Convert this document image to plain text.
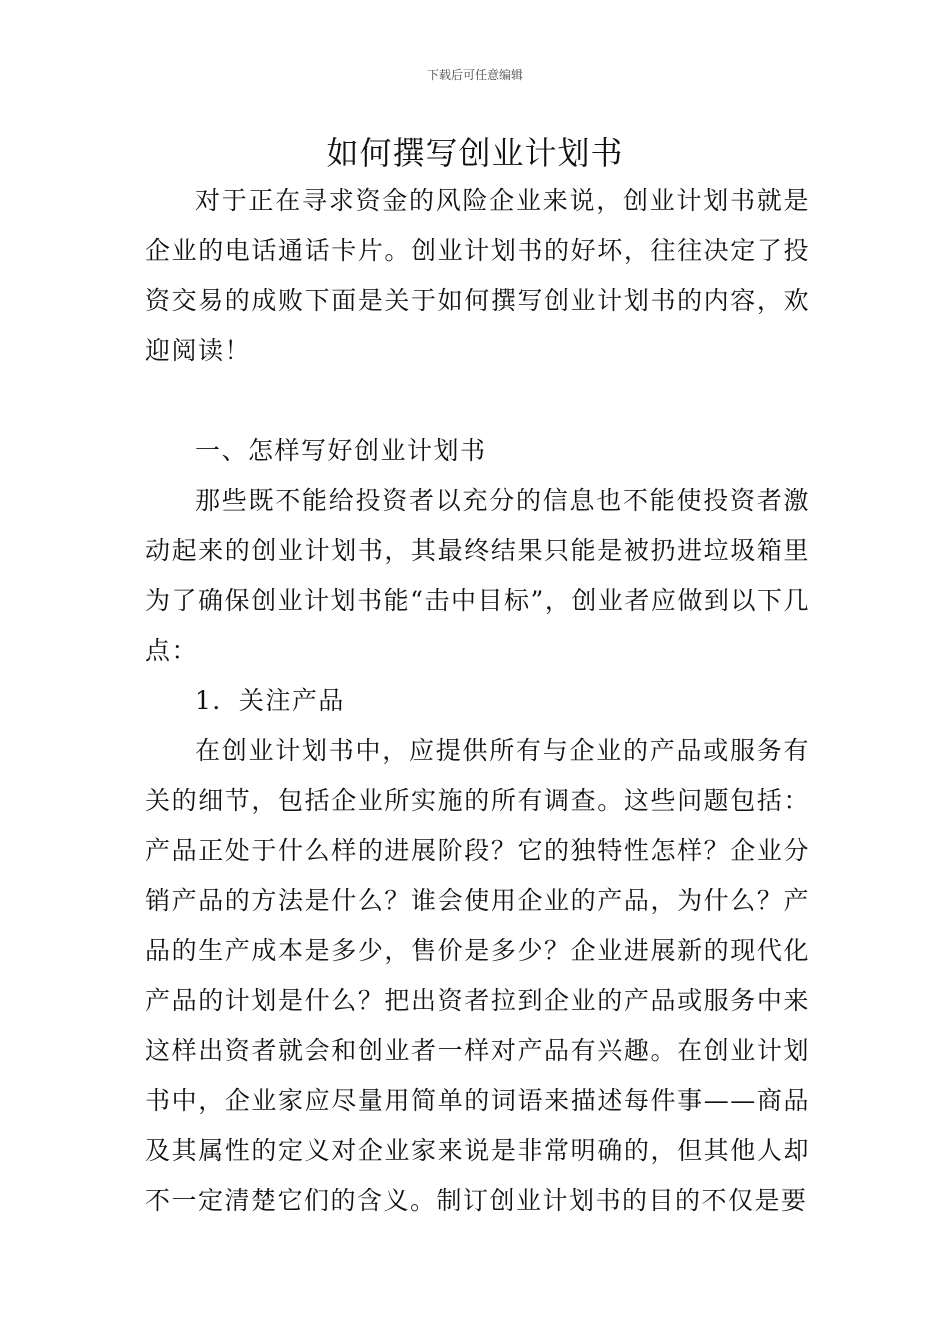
下载后可任意编辑
如何撰写创业计划书

对于正在寻求资金的风险企业来说，创业计划书就是企业的电话通话卡片。创业计划书的好坏，往往决定了投资交易的成败下面是关于如何撰写创业计划书的内容，欢迎阅读！

一、怎样写好创业计划书

那些既不能给投资者以充分的信息也不能使投资者激动起来的创业计划书，其最终结果只能是被扔进垃圾箱里为了确保创业计划书能“击中目标”，创业者应做到以下几点：

1．关注产品

在创业计划书中，应提供所有与企业的产品或服务有关的细节，包括企业所实施的所有调查。这些问题包括：产品正处于什么样的进展阶段？它的独特性怎样？企业分销产品的方法是什么？谁会使用企业的产品，为什么？产品的生产成本是多少，售价是多少？企业进展新的现代化产品的计划是什么？把出资者拉到企业的产品或服务中来这样出资者就会和创业者一样对产品有兴趣。在创业计划书中，企业家应尽量用简单的词语来描述每件事——商品及其属性的定义对企业家来说是非常明确的，但其他人却不一定清楚它们的含义。制订创业计划书的目的不仅是要
